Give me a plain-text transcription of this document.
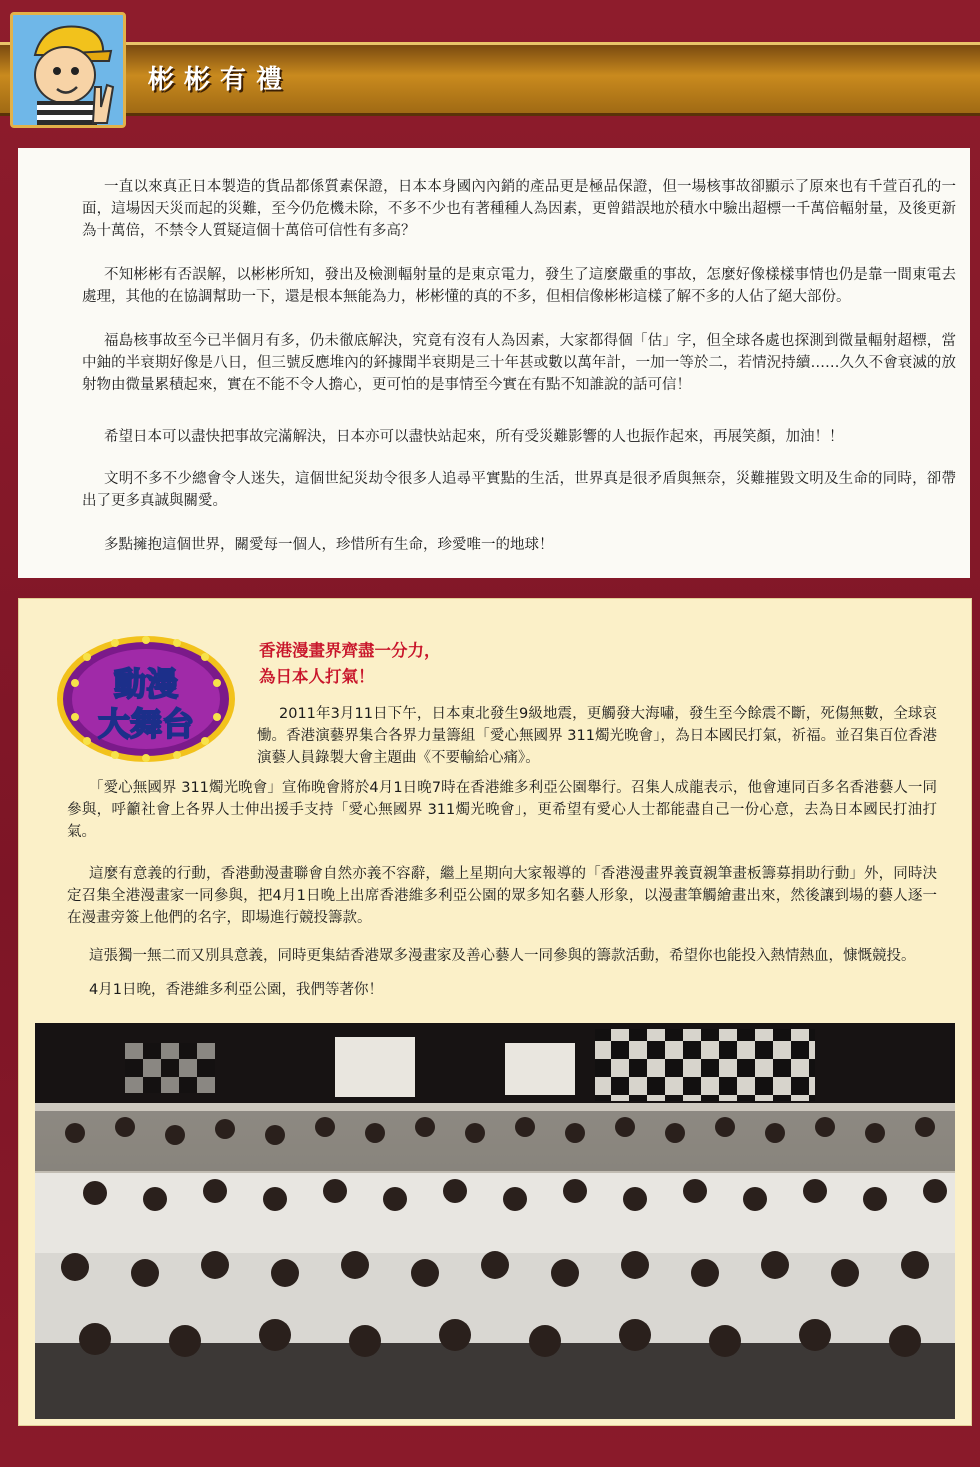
彬彬有禮

一直以來真正日本製造的貨品都係質素保證，日本本身國內內銷的產品更是極品保證，但一場核事故卻顯示了原來也有千萱百孔的一面，這場因天災而起的災難，至今仍危機未除，不多不少也有著種種人為因素，更曾錯誤地於積水中驗出超標一千萬倍輻射量，及後更新為十萬倍，不禁令人質疑這個十萬倍可信性有多高？

不知彬彬有否誤解，以彬彬所知，發出及檢測輻射量的是東京電力，發生了這麼嚴重的事故，怎麼好像樣樣事情也仍是靠一間東電去處理，其他的在協調幫助一下，還是根本無能為力，彬彬懂的真的不多，但相信像彬彬這樣了解不多的人佔了絕大部份。

福島核事故至今已半個月有多，仍未徹底解決，究竟有沒有人為因素，大家都得個「估」字，但全球各處也探測到微量輻射超標，當中鈾的半衰期好像是八日，但三號反應堆內的鈈據聞半衰期是三十年甚或數以萬年計，一加一等於二，若情況持續……久久不會衰滅的放射物由微量累積起來，實在不能不令人擔心，更可怕的是事情至今實在有點不知誰說的話可信！

希望日本可以盡快把事故完滿解決，日本亦可以盡快站起來，所有受災難影響的人也振作起來，再展笑顏，加油！！

文明不多不少總會令人迷失，這個世紀災劫令很多人追尋平實點的生活，世界真是很矛盾與無奈，災難摧毀文明及生命的同時，卻帶出了更多真誠與關愛。

多點擁抱這個世界，關愛每一個人，珍惜所有生命，珍愛唯一的地球！

動漫
大舞台
香港漫畫界齊盡一分力，
為日本人打氣！

2011年3月11日下午，日本東北發生9級地震，更觸發大海嘯，發生至今餘震不斷，死傷無數，全球哀慟。香港演藝界集合各界力量籌組「愛心無國界 311燭光晚會」，為日本國民打氣，祈福。並召集百位香港演藝人員錄製大會主題曲《不要輸給心痛》。

「愛心無國界 311燭光晚會」宣佈晚會將於4月1日晚7時在香港維多利亞公園舉行。召集人成龍表示，他會連同百多名香港藝人一同參與，呼籲社會上各界人士伸出援手支持「愛心無國界 311燭光晚會」，更希望有愛心人士都能盡自己一份心意，去為日本國民打油打氣。

這麼有意義的行動，香港動漫畫聯會自然亦義不容辭，繼上星期向大家報導的「香港漫畫界義賣親筆畫板籌募捐助行動」外，同時決定召集全港漫畫家一同參與，把4月1日晚上出席香港維多利亞公園的眾多知名藝人形象，以漫畫筆觸繪畫出來，然後讓到場的藝人逐一在漫畫旁簽上他們的名字，即場進行競投籌款。

這張獨一無二而又別具意義，同時更集結香港眾多漫畫家及善心藝人一同參與的籌款活動，希望你也能投入熱情熱血，慷慨競投。

4月1日晚，香港維多利亞公園，我們等著你！
